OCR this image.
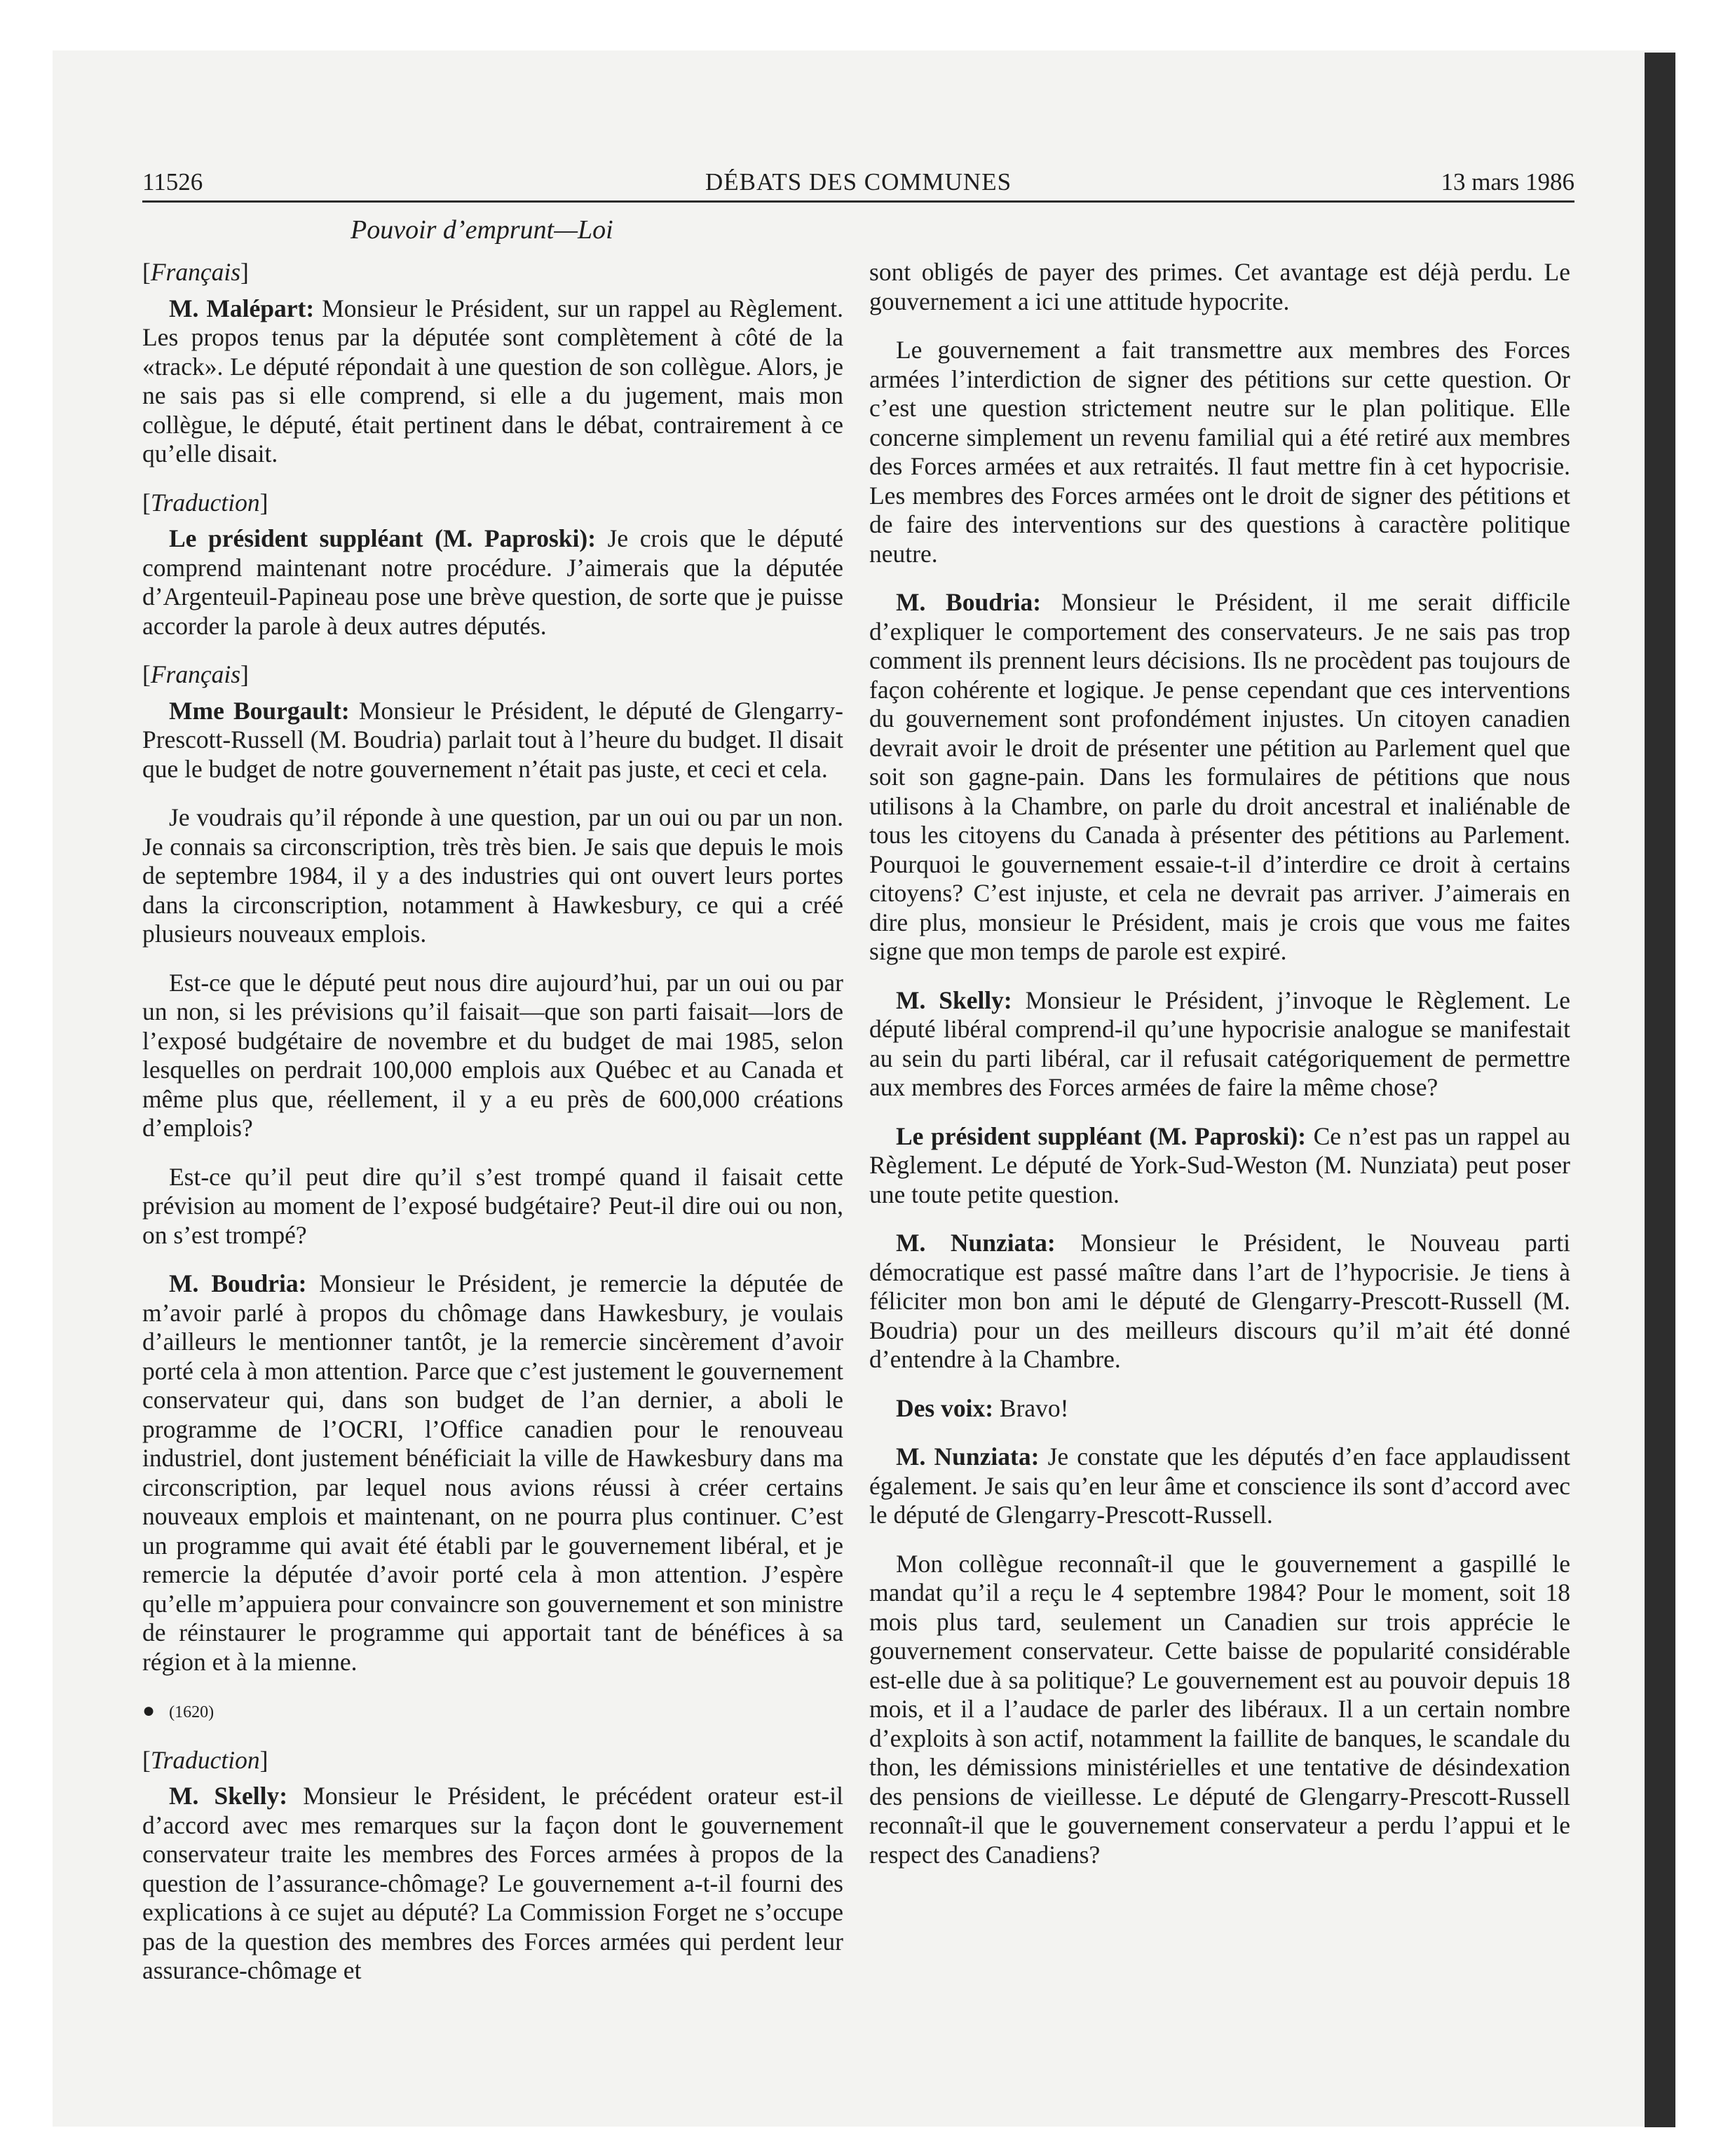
11526	DÉBATS DES COMMUNES	13 mars 1986
Pouvoir d’emprunt—Loi
[Français]

M. Malépart: Monsieur le Président, sur un rappel au Règlement. Les propos tenus par la députée sont complètement à côté de la «track». Le député répondait à une question de son collègue. Alors, je ne sais pas si elle comprend, si elle a du jugement, mais mon collègue, le député, était pertinent dans le débat, contrairement à ce qu’elle disait.

[Traduction]

Le président suppléant (M. Paproski): Je crois que le député comprend maintenant notre procédure. J’aimerais que la députée d’Argenteuil-Papineau pose une brève question, de sorte que je puisse accorder la parole à deux autres députés.

[Français]

Mme Bourgault: Monsieur le Président, le député de Glengarry-Prescott-Russell (M. Boudria) parlait tout à l’heure du budget. Il disait que le budget de notre gouvernement n’était pas juste, et ceci et cela.

Je voudrais qu’il réponde à une question, par un oui ou par un non. Je connais sa circonscription, très très bien. Je sais que depuis le mois de septembre 1984, il y a des industries qui ont ouvert leurs portes dans la circonscription, notamment à Hawkesbury, ce qui a créé plusieurs nouveaux emplois.

Est-ce que le député peut nous dire aujourd’hui, par un oui ou par un non, si les prévisions qu’il faisait—que son parti faisait—lors de l’exposé budgétaire de novembre et du budget de mai 1985, selon lesquelles on perdrait 100,000 emplois aux Québec et au Canada et même plus que, réellement, il y a eu près de 600,000 créations d’emplois?

Est-ce qu’il peut dire qu’il s’est trompé quand il faisait cette prévision au moment de l’exposé budgétaire? Peut-il dire oui ou non, on s’est trompé?

M. Boudria: Monsieur le Président, je remercie la députée de m’avoir parlé à propos du chômage dans Hawkesbury, je voulais d’ailleurs le mentionner tantôt, je la remercie sincèrement d’avoir porté cela à mon attention. Parce que c’est justement le gouvernement conservateur qui, dans son budget de l’an dernier, a aboli le programme de l’OCRI, l’Office canadien pour le renouveau industriel, dont justement bénéficiait la ville de Hawkesbury dans ma circonscription, par lequel nous avions réussi à créer certains nouveaux emplois et maintenant, on ne pourra plus continuer. C’est un programme qui avait été établi par le gouvernement libéral, et je remercie la députée d’avoir porté cela à mon attention. J’espère qu’elle m’appuiera pour convaincre son gouvernement et son ministre de réinstaurer le programme qui apportait tant de bénéfices à sa région et à la mienne.

● (1620)
[Traduction]

M. Skelly: Monsieur le Président, le précédent orateur est-il d’accord avec mes remarques sur la façon dont le gouvernement conservateur traite les membres des Forces armées à propos de la question de l’assurance-chômage? Le gouvernement a-t-il fourni des explications à ce sujet au député? La Commission Forget ne s’occupe pas de la question des membres des Forces armées qui perdent leur assurance-chômage et

sont obligés de payer des primes. Cet avantage est déjà perdu. Le gouvernement a ici une attitude hypocrite.

Le gouvernement a fait transmettre aux membres des Forces armées l’interdiction de signer des pétitions sur cette question. Or c’est une question strictement neutre sur le plan politique. Elle concerne simplement un revenu familial qui a été retiré aux membres des Forces armées et aux retraités. Il faut mettre fin à cet hypocrisie. Les membres des Forces armées ont le droit de signer des pétitions et de faire des interventions sur des questions à caractère politique neutre.

M. Boudria: Monsieur le Président, il me serait difficile d’expliquer le comportement des conservateurs. Je ne sais pas trop comment ils prennent leurs décisions. Ils ne procèdent pas toujours de façon cohérente et logique. Je pense cependant que ces interventions du gouvernement sont profondément injustes. Un citoyen canadien devrait avoir le droit de présenter une pétition au Parlement quel que soit son gagne-pain. Dans les formulaires de pétitions que nous utilisons à la Chambre, on parle du droit ancestral et inaliénable de tous les citoyens du Canada à présenter des pétitions au Parlement. Pourquoi le gouvernement essaie-t-il d’interdire ce droit à certains citoyens? C’est injuste, et cela ne devrait pas arriver. J’aimerais en dire plus, monsieur le Président, mais je crois que vous me faites signe que mon temps de parole est expiré.

M. Skelly: Monsieur le Président, j’invoque le Règlement. Le député libéral comprend-il qu’une hypocrisie analogue se manifestait au sein du parti libéral, car il refusait catégoriquement de permettre aux membres des Forces armées de faire la même chose?

Le président suppléant (M. Paproski): Ce n’est pas un rappel au Règlement. Le député de York-Sud-Weston (M. Nunziata) peut poser une toute petite question.

M. Nunziata: Monsieur le Président, le Nouveau parti démocratique est passé maître dans l’art de l’hypocrisie. Je tiens à féliciter mon bon ami le député de Glengarry-Prescott-Russell (M. Boudria) pour un des meilleurs discours qu’il m’ait été donné d’entendre à la Chambre.

Des voix: Bravo!

M. Nunziata: Je constate que les députés d’en face applaudissent également. Je sais qu’en leur âme et conscience ils sont d’accord avec le député de Glengarry-Prescott-Russell.

Mon collègue reconnaît-il que le gouvernement a gaspillé le mandat qu’il a reçu le 4 septembre 1984? Pour le moment, soit 18 mois plus tard, seulement un Canadien sur trois apprécie le gouvernement conservateur. Cette baisse de popularité considérable est-elle due à sa politique? Le gouvernement est au pouvoir depuis 18 mois, et il a l’audace de parler des libéraux. Il a un certain nombre d’exploits à son actif, notamment la faillite de banques, le scandale du thon, les démissions ministérielles et une tentative de désindexation des pensions de vieillesse. Le député de Glengarry-Prescott-Russell reconnaît-il que le gouvernement conservateur a perdu l’appui et le respect des Canadiens?
